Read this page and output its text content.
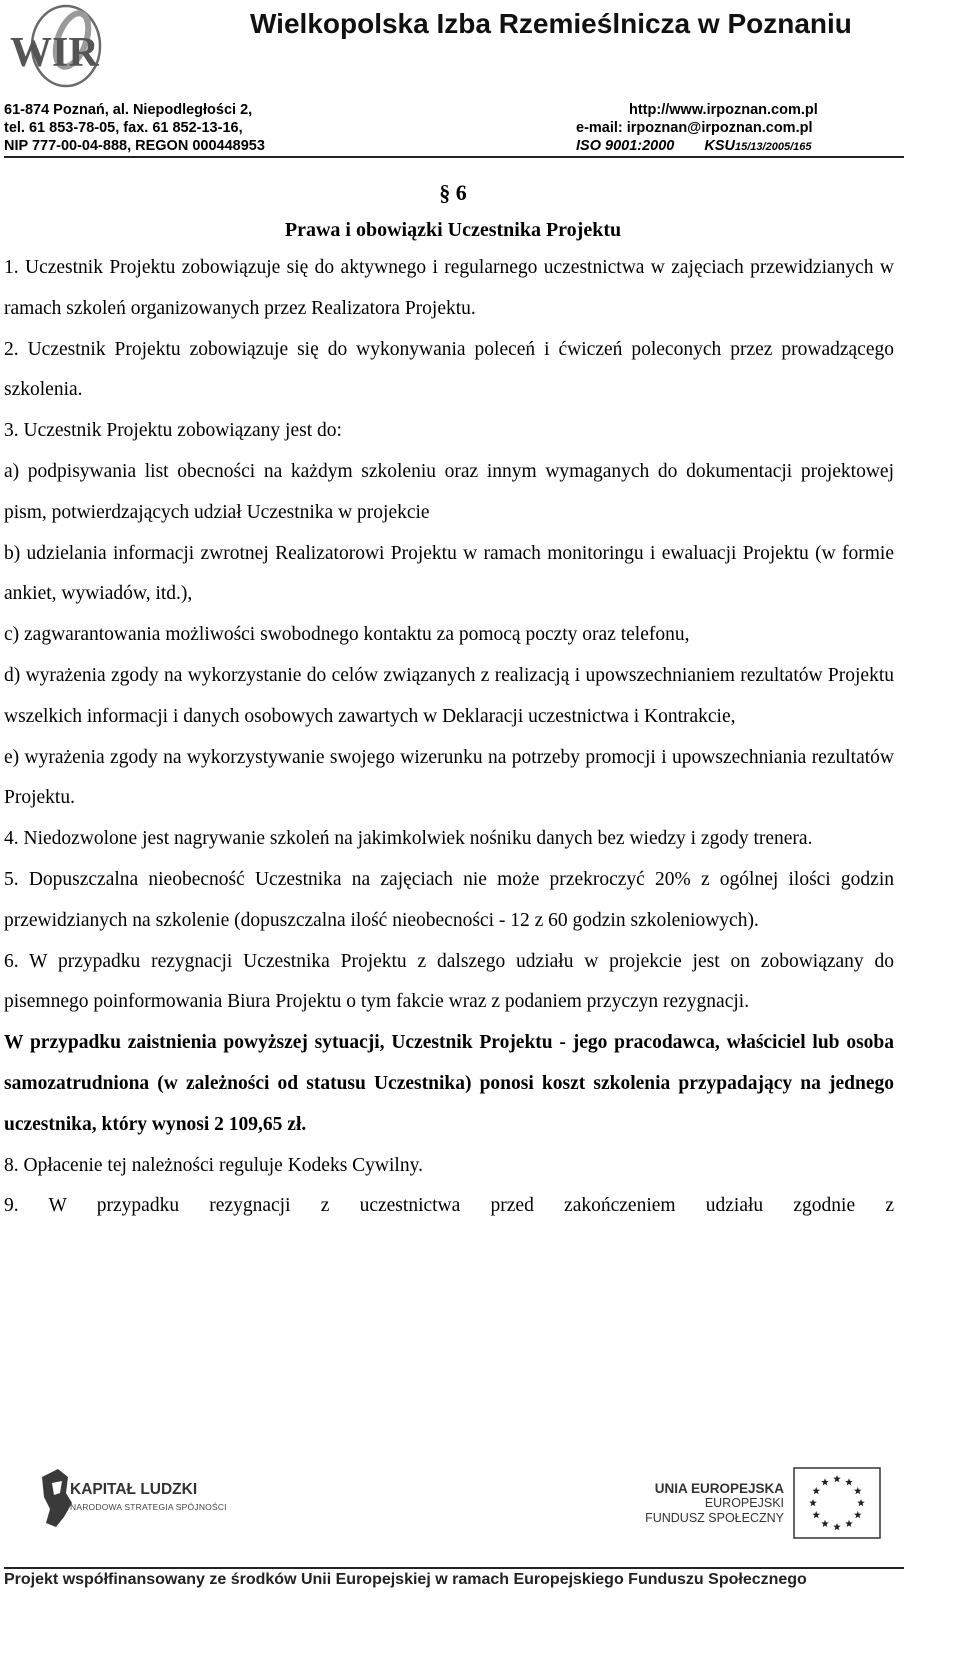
WIR
Wielkopolska Izba Rzemieślnicza w Poznaniu
61-874 Poznań, al. Niepodległości 2,
tel. 61 853-78-05, fax. 61 852-13-16,
NIP 777-00-04-888, REGON 000448953
http://www.irpoznan.com.pl
e-mail: irpoznan@irpoznan.com.pl
ISO 9001:2000 KSU15/13/2005/165

§ 6

Prawa i obowiązki Uczestnika Projektu

1. Uczestnik Projektu zobowiązuje się do aktywnego i regularnego uczestnictwa w zajęciach przewidzianych w ramach szkoleń organizowanych przez Realizatora Projektu.

2. Uczestnik Projektu zobowiązuje się do wykonywania poleceń i ćwiczeń poleconych przez prowadzącego szkolenia.

3. Uczestnik Projektu zobowiązany jest do:

a) podpisywania list obecności na każdym szkoleniu oraz innym wymaganych do dokumentacji projektowej pism, potwierdzających udział Uczestnika w projekcie

b) udzielania informacji zwrotnej Realizatorowi Projektu w ramach monitoringu i ewaluacji Projektu (w formie ankiet, wywiadów, itd.),

c) zagwarantowania możliwości swobodnego kontaktu za pomocą poczty oraz telefonu,

d) wyrażenia zgody na wykorzystanie do celów związanych z realizacją i upowszechnianiem rezultatów Projektu wszelkich informacji i danych osobowych zawartych w Deklaracji uczestnictwa i Kontrakcie,

e) wyrażenia zgody na wykorzystywanie swojego wizerunku na potrzeby promocji i upowszechniania rezultatów Projektu.

4. Niedozwolone jest nagrywanie szkoleń na jakimkolwiek nośniku danych bez wiedzy i zgody trenera.

5. Dopuszczalna nieobecność Uczestnika na zajęciach nie może przekroczyć 20% z ogólnej ilości godzin przewidzianych na szkolenie (dopuszczalna ilość nieobecności - 12 z 60 godzin szkoleniowych).

6. W przypadku rezygnacji Uczestnika Projektu z dalszego udziału w projekcie jest on zobowiązany do pisemnego poinformowania Biura Projektu o tym fakcie wraz z podaniem przyczyn rezygnacji.

W przypadku zaistnienia powyższej sytuacji, Uczestnik Projektu - jego pracodawca, właściciel lub osoba samozatrudniona (w zależności od statusu Uczestnika) ponosi koszt szkolenia przypadający na jednego uczestnika, który wynosi 2 109,65 zł.

8. Opłacenie tej należności reguluje Kodeks Cywilny.

9. W przypadku rezygnacji z uczestnictwa przed zakończeniem udziału zgodnie z

KAPITAŁ LUDZKI
NARODOWA STRATEGIA SPÓJNOŚCI
UNIA EUROPEJSKA
EUROPEJSKI
FUNDUSZ SPOŁECZNY
Projekt współfinansowany ze środków Unii Europejskiej w ramach Europejskiego Funduszu Społecznego
